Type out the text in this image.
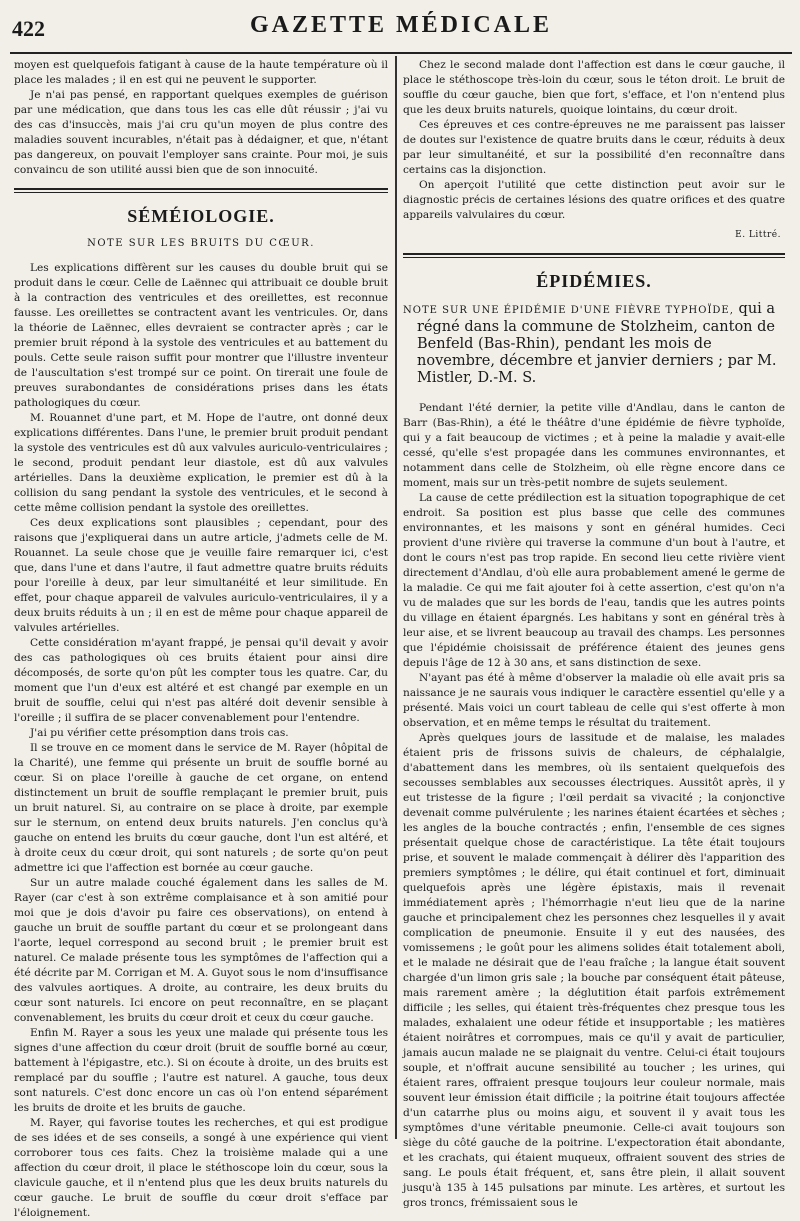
422	GAZETTE MÉDICALE

moyen est quelquefois fatigant à cause de la haute température où il place les malades ; il en est qui ne peuvent le supporter.

Je n'ai pas pensé, en rapportant quelques exemples de guérison par une médication, que dans tous les cas elle dût réussir ; j'ai vu des cas d'insuccès, mais j'ai cru qu'un moyen de plus contre des maladies souvent incurables, n'était pas à dédaigner, et que, n'étant pas dangereux, on pouvait l'employer sans crainte. Pour moi, je suis convaincu de son utilité aussi bien que de son innocuité.

SÉMÉIOLOGIE.
NOTE SUR LES BRUITS DU CŒUR.

Les explications diffèrent sur les causes du double bruit qui se produit dans le cœur. Celle de Laënnec qui attribuait ce double bruit à la contraction des ventricules et des oreillettes, est reconnue fausse. Les oreillettes se contractent avant les ventricules. Or, dans la théorie de Laënnec, elles devraient se contracter après ; car le premier bruit répond à la systole des ventricules et au battement du pouls. Cette seule raison suffit pour montrer que l'illustre inventeur de l'auscultation s'est trompé sur ce point. On tirerait une foule de preuves surabondantes de considérations prises dans les états pathologiques du cœur.

M. Rouannet d'une part, et M. Hope de l'autre, ont donné deux explications différentes. Dans l'une, le premier bruit produit pendant la systole des ventricules est dû aux valvules auriculo-ventriculaires ; le second, produit pendant leur diastole, est dû aux valvules artérielles. Dans la deuxième explication, le premier est dû à la collision du sang pendant la systole des ventricules, et le second à cette même collision pendant la systole des oreillettes.

Ces deux explications sont plausibles ; cependant, pour des raisons que j'expliquerai dans un autre article, j'admets celle de M. Rouannet. La seule chose que je veuille faire remarquer ici, c'est que, dans l'une et dans l'autre, il faut admettre quatre bruits réduits pour l'oreille à deux, par leur simultanéité et leur similitude. En effet, pour chaque appareil de valvules auriculo-ventriculaires, il y a deux bruits réduits à un ; il en est de même pour chaque appareil de valvules artérielles.

Cette considération m'ayant frappé, je pensai qu'il devait y avoir des cas pathologiques où ces bruits étaient pour ainsi dire décomposés, de sorte qu'on pût les compter tous les quatre. Car, du moment que l'un d'eux est altéré et est changé par exemple en un bruit de souffle, celui qui n'est pas altéré doit devenir sensible à l'oreille ; il suffira de se placer convenablement pour l'entendre.

J'ai pu vérifier cette présomption dans trois cas.

Il se trouve en ce moment dans le service de M. Rayer (hôpital de la Charité), une femme qui présente un bruit de souffle borné au cœur. Si on place l'oreille à gauche de cet organe, on entend distinctement un bruit de souffle remplaçant le premier bruit, puis un bruit naturel. Si, au contraire on se place à droite, par exemple sur le sternum, on entend deux bruits naturels. J'en conclus qu'à gauche on entend les bruits du cœur gauche, dont l'un est altéré, et à droite ceux du cœur droit, qui sont naturels ; de sorte qu'on peut admettre ici que l'affection est bornée au cœur gauche.

Sur un autre malade couché également dans les salles de M. Rayer (car c'est à son extrême complaisance et à son amitié pour moi que je dois d'avoir pu faire ces observations), on entend à gauche un bruit de souffle partant du cœur et se prolongeant dans l'aorte, lequel correspond au second bruit ; le premier bruit est naturel. Ce malade présente tous les symptômes de l'affection qui a été décrite par M. Corrigan et M. A. Guyot sous le nom d'insuffisance des valvules aortiques. A droite, au contraire, les deux bruits du cœur sont naturels. Ici encore on peut reconnaître, en se plaçant convenablement, les bruits du cœur droit et ceux du cœur gauche.

Enfin M. Rayer a sous les yeux une malade qui présente tous les signes d'une affection du cœur droit (bruit de souffle borné au cœur, battement à l'épigastre, etc.). Si on écoute à droite, un des bruits est remplacé par du souffle ; l'autre est naturel. A gauche, tous deux sont naturels. C'est donc encore un cas où l'on entend séparément les bruits de droite et les bruits de gauche.

M. Rayer, qui favorise toutes les recherches, et qui est prodigue de ses idées et de ses conseils, a songé à une expérience qui vient corroborer tous ces faits. Chez la troisième malade qui a une affection du cœur droit, il place le stéthoscope loin du cœur, sous la clavicule gauche, et il n'entend plus que les deux bruits naturels du cœur gauche. Le bruit de souffle du cœur droit s'efface par l'éloignement.

Chez le second malade dont l'affection est dans le cœur gauche, il place le stéthoscope très-loin du cœur, sous le téton droit. Le bruit de souffle du cœur gauche, bien que fort, s'efface, et l'on n'entend plus que les deux bruits naturels, quoique lointains, du cœur droit.

Ces épreuves et ces contre-épreuves ne me paraissent pas laisser de doutes sur l'existence de quatre bruits dans le cœur, réduits à deux par leur simultanéité, et sur la possibilité d'en reconnaître dans certains cas la disjonction.

On aperçoit l'utilité que cette distinction peut avoir sur le diagnostic précis de certaines lésions des quatre orifices et des quatre appareils valvulaires du cœur.

E. Littré.
ÉPIDÉMIES.
NOTE SUR UNE ÉPIDÉMIE D'UNE FIÈVRE TYPHOÏDE, qui a régné dans la commune de Stolzheim, canton de Benfeld (Bas-Rhin), pendant les mois de novembre, décembre et janvier derniers ; par M. Mistler, D.-M. S.

Pendant l'été dernier, la petite ville d'Andlau, dans le canton de Barr (Bas-Rhin), a été le théâtre d'une épidémie de fièvre typhoïde, qui y a fait beaucoup de victimes ; et à peine la maladie y avait-elle cessé, qu'elle s'est propagée dans les communes environnantes, et notamment dans celle de Stolzheim, où elle règne encore dans ce moment, mais sur un très-petit nombre de sujets seulement.

La cause de cette prédilection est la situation topographique de cet endroit. Sa position est plus basse que celle des communes environnantes, et les maisons y sont en général humides. Ceci provient d'une rivière qui traverse la commune d'un bout à l'autre, et dont le cours n'est pas trop rapide. En second lieu cette rivière vient directement d'Andlau, d'où elle aura probablement amené le germe de la maladie. Ce qui me fait ajouter foi à cette assertion, c'est qu'on n'a vu de malades que sur les bords de l'eau, tandis que les autres points du village en étaient épargnés. Les habitans y sont en général très à leur aise, et se livrent beaucoup au travail des champs. Les personnes que l'épidémie choisissait de préférence étaient des jeunes gens depuis l'âge de 12 à 30 ans, et sans distinction de sexe.

N'ayant pas été à même d'observer la maladie où elle avait pris sa naissance je ne saurais vous indiquer le caractère essentiel qu'elle y a présenté. Mais voici un court tableau de celle qui s'est offerte à mon observation, et en même temps le résultat du traitement.

Après quelques jours de lassitude et de malaise, les malades étaient pris de frissons suivis de chaleurs, de céphalalgie, d'abattement dans les membres, où ils sentaient quelquefois des secousses semblables aux secousses électriques. Aussitôt après, il y eut tristesse de la figure ; l'œil perdait sa vivacité ; la conjonctive devenait comme pulvérulente ; les narines étaient écartées et sèches ; les angles de la bouche contractés ; enfin, l'ensemble de ces signes présentait quelque chose de caractéristique. La tête était toujours prise, et souvent le malade commençait à délirer dès l'apparition des premiers symptômes ; le délire, qui était continuel et fort, diminuait quelquefois après une légère épistaxis, mais il revenait immédiatement après ; l'hémorrhagie n'eut lieu que de la narine gauche et principalement chez les personnes chez lesquelles il y avait complication de pneumonie. Ensuite il y eut des nausées, des vomissemens ; le goût pour les alimens solides était totalement aboli, et le malade ne désirait que de l'eau fraîche ; la langue était souvent chargée d'un limon gris sale ; la bouche par conséquent était pâteuse, mais rarement amère ; la déglutition était parfois extrêmement difficile ; les selles, qui étaient très-fréquentes chez presque tous les malades, exhalaient une odeur fétide et insupportable ; les matières étaient noirâtres et corrompues, mais ce qu'il y avait de particulier, jamais aucun malade ne se plaignait du ventre. Celui-ci était toujours souple, et n'offrait aucune sensibilité au toucher ; les urines, qui étaient rares, offraient presque toujours leur couleur normale, mais souvent leur émission était difficile ; la poitrine était toujours affectée d'un catarrhe plus ou moins aigu, et souvent il y avait tous les symptômes d'une véritable pneumonie. Celle-ci avait toujours son siège du côté gauche de la poitrine. L'expectoration était abondante, et les crachats, qui étaient muqueux, offraient souvent des stries de sang. Le pouls était fréquent, et, sans être plein, il allait souvent jusqu'à 135 à 145 pulsations par minute. Les artères, et surtout les gros troncs, frémissaient sous le
